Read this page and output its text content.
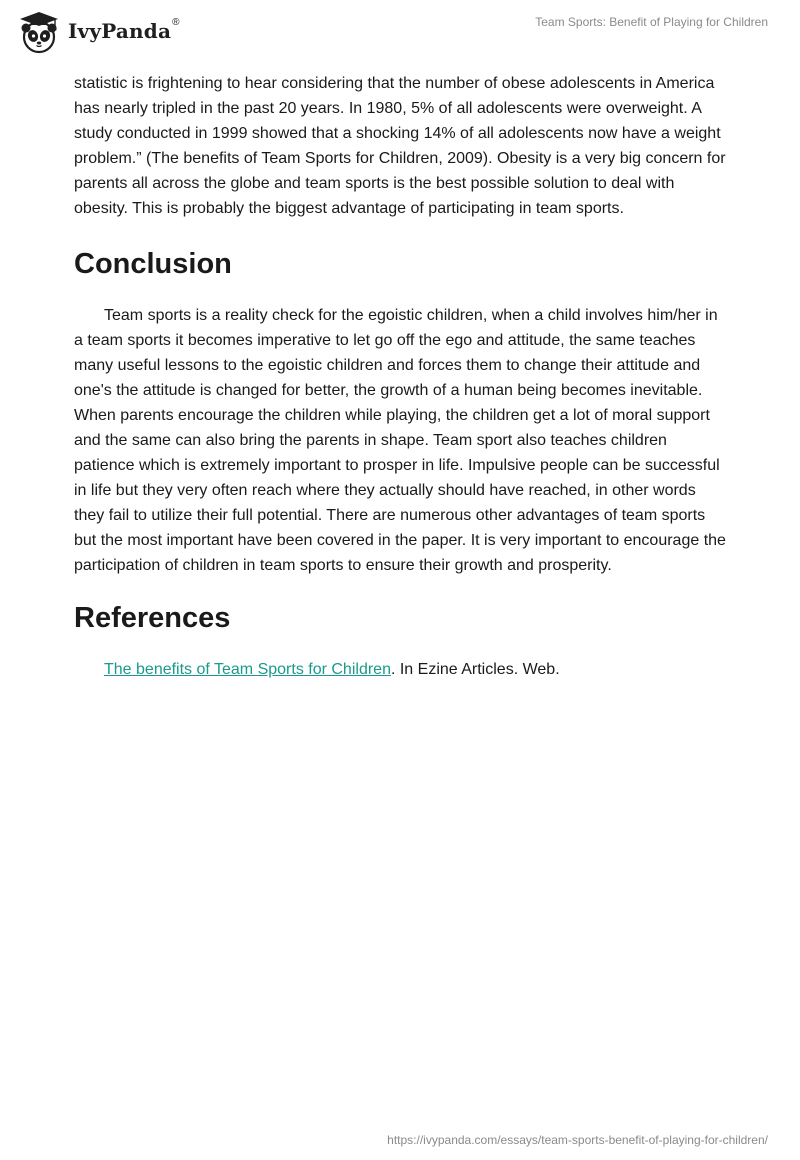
IvyPanda ®	Team Sports: Benefit of Playing for Children

statistic is frightening to hear considering that the number of obese adolescents in America has nearly tripled in the past 20 years. In 1980, 5% of all adolescents were overweight. A study conducted in 1999 showed that a shocking 14% of all adolescents now have a weight problem.” (The benefits of Team Sports for Children, 2009). Obesity is a very big concern for parents all across the globe and team sports is the best possible solution to deal with obesity. This is probably the biggest advantage of participating in team sports.

Conclusion

Team sports is a reality check for the egoistic children, when a child involves him/her in a team sports it becomes imperative to let go off the ego and attitude, the same teaches many useful lessons to the egoistic children and forces them to change their attitude and one's the attitude is changed for better, the growth of a human being becomes inevitable. When parents encourage the children while playing, the children get a lot of moral support and the same can also bring the parents in shape. Team sport also teaches children patience which is extremely important to prosper in life. Impulsive people can be successful in life but they very often reach where they actually should have reached, in other words they fail to utilize their full potential. There are numerous other advantages of team sports but the most important have been covered in the paper. It is very important to encourage the participation of children in team sports to ensure their growth and prosperity.

References
The benefits of Team Sports for Children. In Ezine Articles. Web.
https://ivypanda.com/essays/team-sports-benefit-of-playing-for-children/
